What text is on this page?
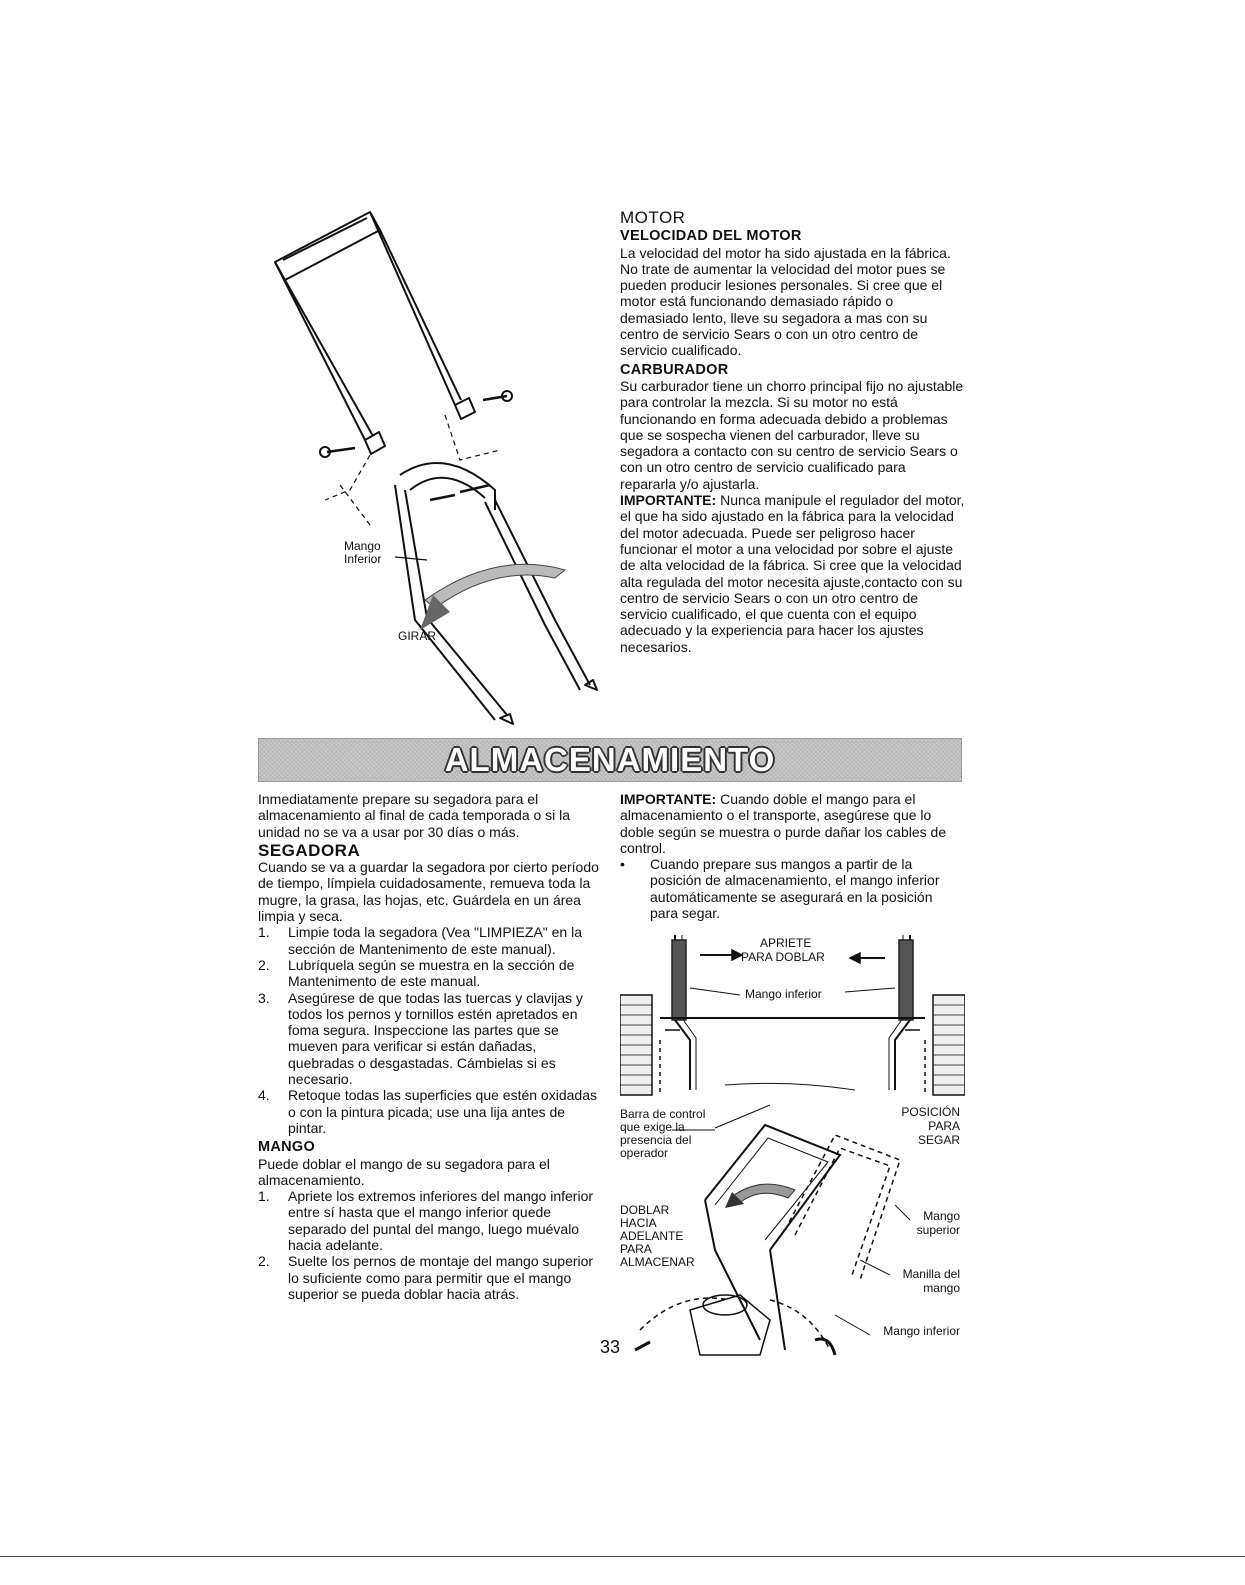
Mango
Inferior
GIRAR
MOTOR
VELOCIDAD DEL MOTOR

La velocidad del motor ha sido ajustada en la fábrica. No trate de aumentar la velocidad del motor pues se pueden producir lesiones personales. Si cree que el motor está funcionando demasiado rápido o demasiado lento, lleve su segadora a mas con su centro de servicio Sears o con un otro centro de servicio cualificado.

CARBURADOR

Su carburador tiene un chorro principal fijo no ajustable para controlar la mezcla. Si su motor no está funcionando en forma adecuada debido a problemas que se sospecha vienen del carburador, lleve su segadora a contacto con su centro de servicio Sears o con un otro centro de servicio cualificado para repararla y/o ajustarla.

IMPORTANTE: Nunca manipule el regulador del motor, el que ha sido ajustado en la fábrica para la velocidad del motor adecuada. Puede ser peligroso hacer funcionar el motor a una velocidad por sobre el ajuste de alta velocidad de la fábrica. Si cree que la velocidad alta regulada del motor necesita ajuste,contacto con su centro de servicio Sears o con un otro centro de servicio cualificado, el que cuenta con el equipo adecuado y la experiencia para hacer los ajustes necesarios.

ALMACENAMIENTO

Inmediatamente prepare su segadora para el almacenamiento al final de cada temporada o si la unidad no se va a usar por 30 días o más.

SEGADORA

Cuando se va a guardar la segadora por cierto período de tiempo, límpiela cuidadosamente, remueva toda la mugre, la grasa, las hojas, etc. Guárdela en un área limpia y seca.

1. Limpie toda la segadora (Vea "LIMPIEZA" en la sección de Mantenimento de este manual).
2. Lubríquela según se muestra en la sección de Mantenimento de este manual.
3. Asegúrese de que todas las tuercas y clavijas y todos los pernos y tornillos estén apretados en foma segura. Inspeccione las partes que se mueven para verificar si están dañadas, quebradas o desgastadas. Cámbielas si es necesario.
4. Retoque todas las superficies que estén oxidadas o con la pintura picada; use una lija antes de pintar.
MANGO

Puede doblar el mango de su segadora para el almacenamiento.

1. Apriete los extremos inferiores del mango inferior entre sí hasta que el mango inferior quede separado del puntal del mango, luego muévalo hacia adelante.
2. Suelte los pernos de montaje del mango superior lo suficiente como para permitir que el mango superior se pueda doblar hacia atrás.
33

IMPORTANTE: Cuando doble el mango para el almacenamiento o el transporte, asegúrese que lo doble según se muestra o purde dañar los cables de control.

• Cuando prepare sus mangos a partir de la posición de almacenamiento, el mango inferior automáticamente se asegurará en la posición para segar.
APRIETE
PARA DOBLAR
Mango inferior
Barra de control
que exige la
presencia del
operador
POSICIÓN
PARA
SEGAR
DOBLAR
HACIA
ADELANTE
PARA
ALMACENAR
Mango
superior
Manilla del
mango
Mango inferior
